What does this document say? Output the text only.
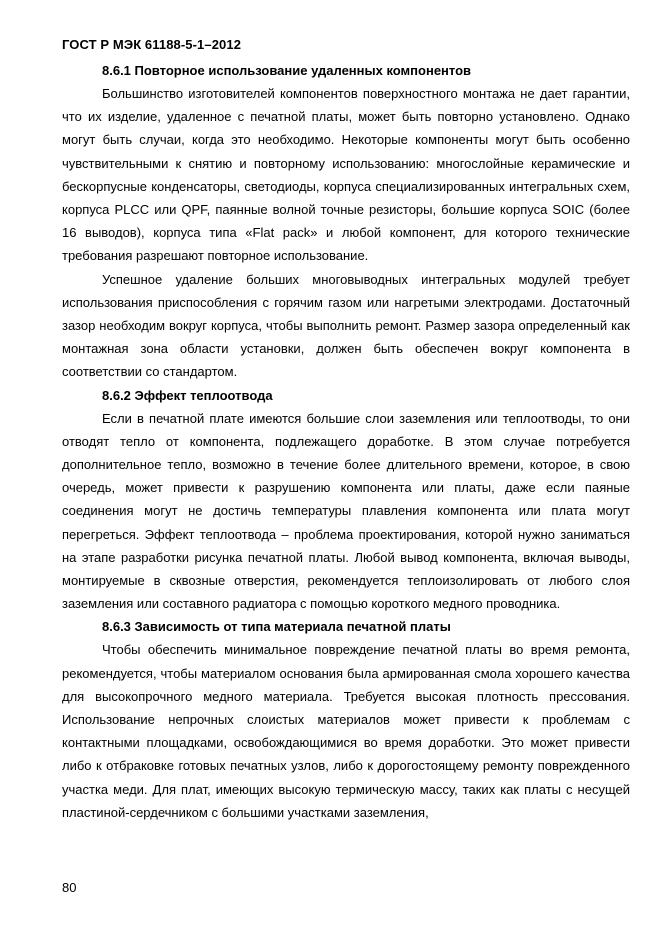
ГОСТ Р МЭК 61188-5-1–2012

8.6.1 Повторное использование удаленных компонентов

Большинство изготовителей компонентов поверхностного монтажа не дает гарантии, что их изделие, удаленное с печатной платы, может быть повторно установлено. Однако могут быть случаи, когда это необходимо. Некоторые компоненты могут быть особенно чувствительными к снятию и повторному использованию: многослойные керамические и бескорпусные конденсаторы, светодиоды, корпуса специализированных интегральных схем, корпуса PLCC или QPF, паянные волной точные резисторы, большие корпуса SOIC (более 16 выводов), корпуса типа «Flat pack» и любой компонент, для которого технические требования разрешают повторное использование.

Успешное удаление больших многовыводных интегральных модулей требует использования приспособления с горячим газом или нагретыми электродами. Достаточный зазор необходим вокруг корпуса, чтобы выполнить ремонт. Размер зазора определенный как монтажная зона области установки, должен быть обеспечен вокруг компонента в соответствии со стандартом.

8.6.2 Эффект теплоотвода

Если в печатной плате имеются большие слои заземления или теплоотводы, то они отводят тепло от компонента, подлежащего доработке. В этом случае потребуется дополнительное тепло, возможно в течение более длительного времени, которое, в свою очередь, может привести к разрушению компонента или платы, даже если паяные соединения могут не достичь температуры плавления компонента или плата могут перегреться. Эффект теплоотвода – проблема проектирования, которой нужно заниматься на этапе разработки рисунка печатной платы. Любой вывод компонента, включая выводы, монтируемые в сквозные отверстия, рекомендуется теплоизолировать от любого слоя заземления или составного радиатора с помощью короткого медного проводника.

8.6.3 Зависимость от типа материала печатной платы

Чтобы обеспечить минимальное повреждение печатной платы во время ремонта, рекомендуется, чтобы материалом основания была армированная смола хорошего качества для высокопрочного медного материала. Требуется высокая плотность прессования. Использование непрочных слоистых материалов может привести к проблемам с контактными площадками, освобождающимися во время доработки. Это может привести либо к отбраковке готовых печатных узлов, либо к дорогостоящему ремонту поврежденного участка меди. Для плат, имеющих высокую термическую массу, таких как платы с несущей пластиной-сердечником с большими участками заземления,

80
